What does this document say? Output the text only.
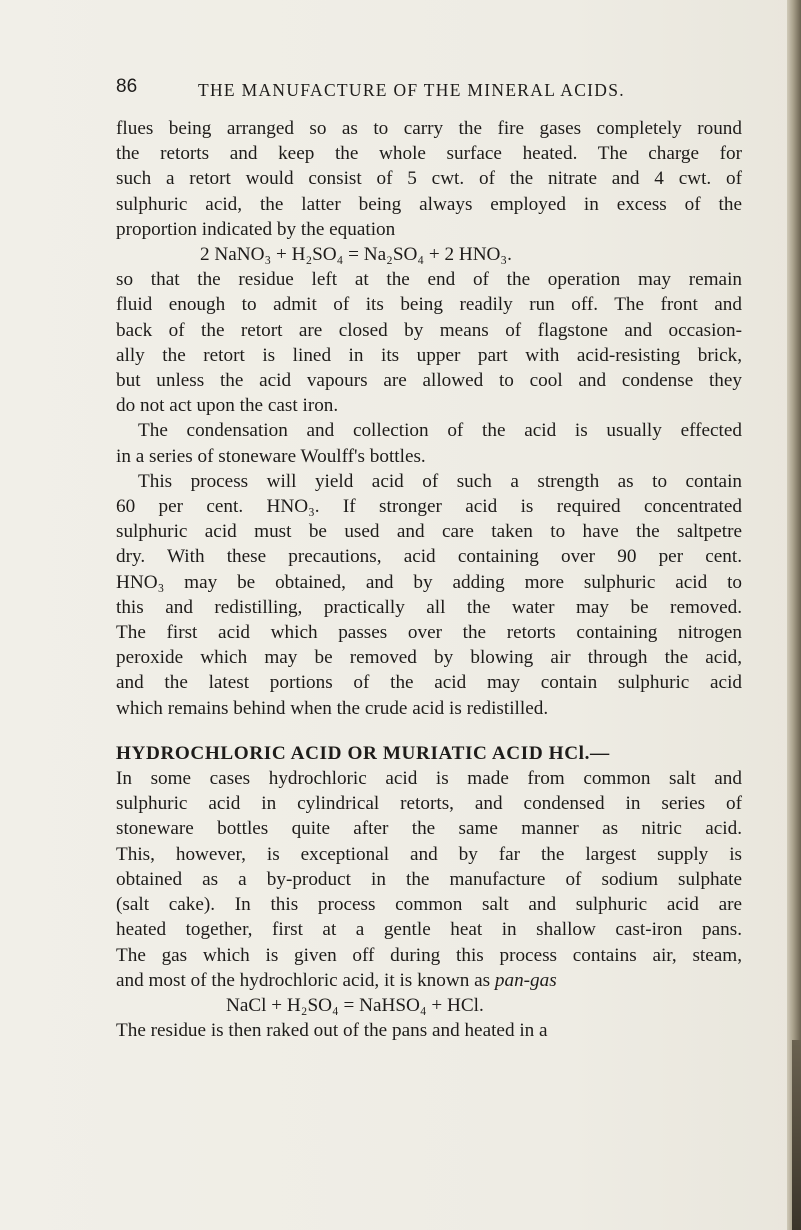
86	THE MANUFACTURE OF THE MINERAL ACIDS.
flues being arranged so as to carry the fire gases completely round
the retorts and keep the whole surface heated. The charge for
such a retort would consist of 5 cwt. of the nitrate and 4 cwt. of
sulphuric acid, the latter being always employed in excess of the
proportion indicated by the equation
2 NaNO₃ + H₂SO₄ = Na₂SO₄ + 2 HNO₃.
so that the residue left at the end of the operation may remain
fluid enough to admit of its being readily run off. The front and
back of the retort are closed by means of flagstone and occasion-
ally the retort is lined in its upper part with acid-resisting brick,
but unless the acid vapours are allowed to cool and condense they
do not act upon the cast iron.
The condensation and collection of the acid is usually effected
in a series of stoneware Woulff's bottles.
This process will yield acid of such a strength as to contain
60 per cent. HNO₃. If stronger acid is required concentrated
sulphuric acid must be used and care taken to have the saltpetre
dry. With these precautions, acid containing over 90 per cent.
HNO₃ may be obtained, and by adding more sulphuric acid to
this and redistilling, practically all the water may be removed.
The first acid which passes over the retorts containing nitrogen
peroxide which may be removed by blowing air through the acid,
and the latest portions of the acid may contain sulphuric acid
which remains behind when the crude acid is redistilled.
HYDROCHLORIC ACID OR MURIATIC ACID HCl.—
In some cases hydrochloric acid is made from common salt and
sulphuric acid in cylindrical retorts, and condensed in series of
stoneware bottles quite after the same manner as nitric acid.
This, however, is exceptional and by far the largest supply is
obtained as a by-product in the manufacture of sodium sulphate
(salt cake). In this process common salt and sulphuric acid are
heated together, first at a gentle heat in shallow cast-iron pans.
The gas which is given off during this process contains air, steam,
and most of the hydrochloric acid, it is known as pan-gas
NaCl + H₂SO₄ = NaHSO₄ + HCl.
The residue is then raked out of the pans and heated in a
